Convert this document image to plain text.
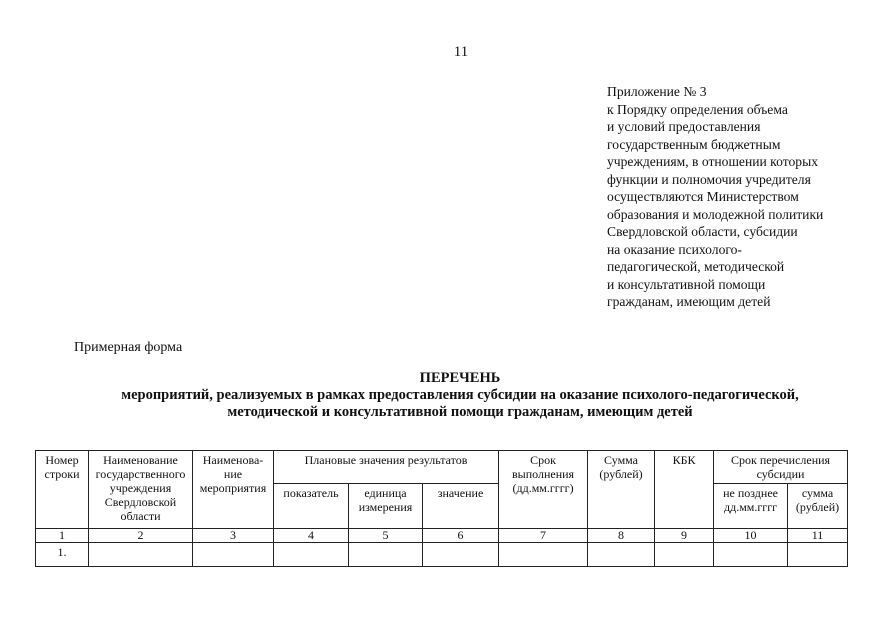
11
Приложение № 3
к Порядку определения объема
и условий предоставления
государственным бюджетным
учреждениям, в отношении которых
функции и полномочия учредителя
осуществляются Министерством
образования и молодежной политики
Свердловской области, субсидии
на оказание психолого-
педагогической, методической
и консультативной помощи
гражданам, имеющим детей
Примерная форма
ПЕРЕЧЕНЬ
мероприятий, реализуемых в рамках предоставления субсидии на оказание психолого-педагогической,
методической и консультативной помощи гражданам, имеющим детей
Номер строки	Наименование государственного учреждения Свердловской области	Наименова-ние мероприятия	Плановые значения результатов			Срок выполнения (дд.мм.гггг)	Сумма (рублей)	КБК	Срок перечисления субсидии	
			показатель	единица измерения	значение				не позднее дд.мм.гггг	сумма (рублей)
1	2	3	4	5	6	7	8	9	10	11
1.										
